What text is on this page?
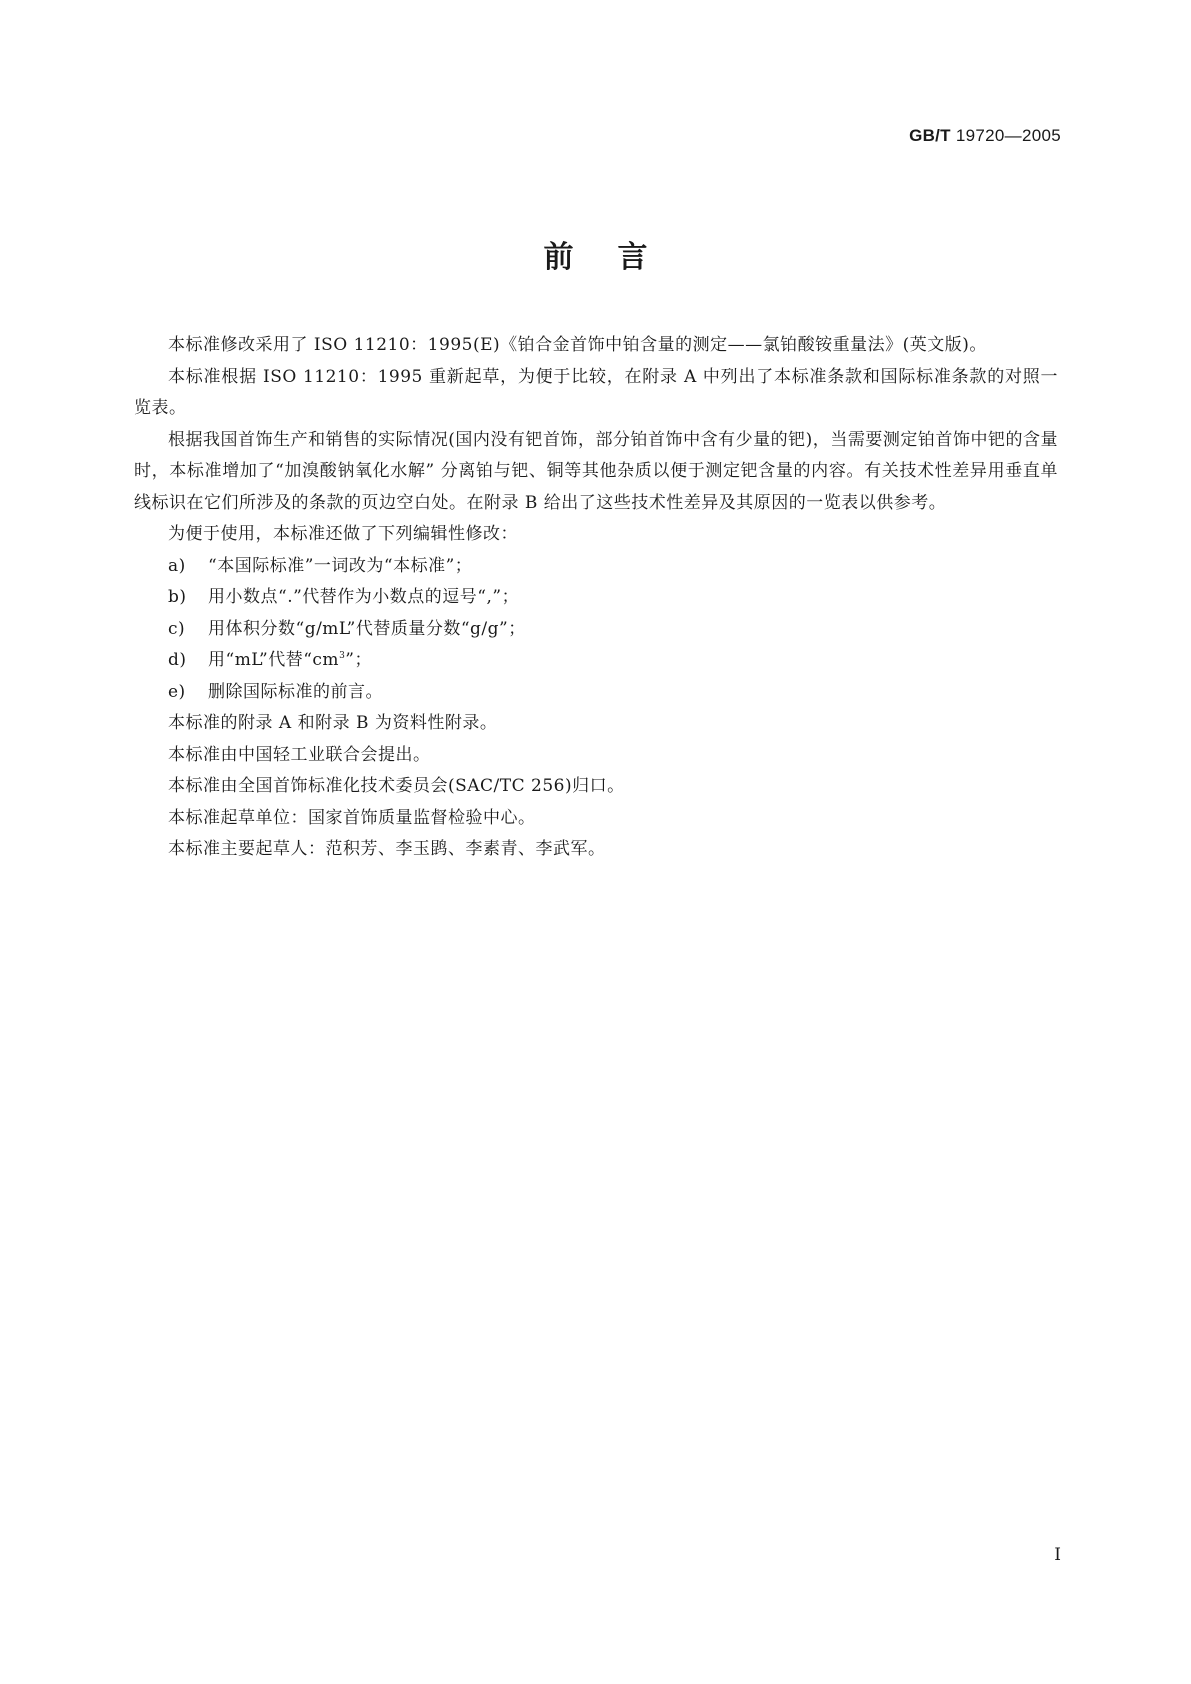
GB/T 19720—2005
前言

本标准修改采用了 ISO 11210：1995(E)《铂合金首饰中铂含量的测定——氯铂酸铵重量法》(英文版)。

本标准根据 ISO 11210：1995 重新起草，为便于比较，在附录 A 中列出了本标准条款和国际标准条款的对照一览表。

根据我国首饰生产和销售的实际情况(国内没有钯首饰，部分铂首饰中含有少量的钯)，当需要测定铂首饰中钯的含量时，本标准增加了“加溴酸钠氧化水解” 分离铂与钯、铜等其他杂质以便于测定钯含量的内容。有关技术性差异用垂直单线标识在它们所涉及的条款的页边空白处。在附录 B 给出了这些技术性差异及其原因的一览表以供参考。

为便于使用，本标准还做了下列编辑性修改：

a) “本国际标准”一词改为“本标准”；

b) 用小数点“.”代替作为小数点的逗号“,”；

c) 用体积分数“g/mL”代替质量分数“g/g”；

d) 用“mL”代替“$cm^3$”；

e) 删除国际标准的前言。

本标准的附录 A 和附录 B 为资料性附录。

本标准由中国轻工业联合会提出。

本标准由全国首饰标准化技术委员会(SAC/TC 256)归口。

本标准起草单位：国家首饰质量监督检验中心。

本标准主要起草人：范积芳、李玉鹍、李素青、李武军。

I
